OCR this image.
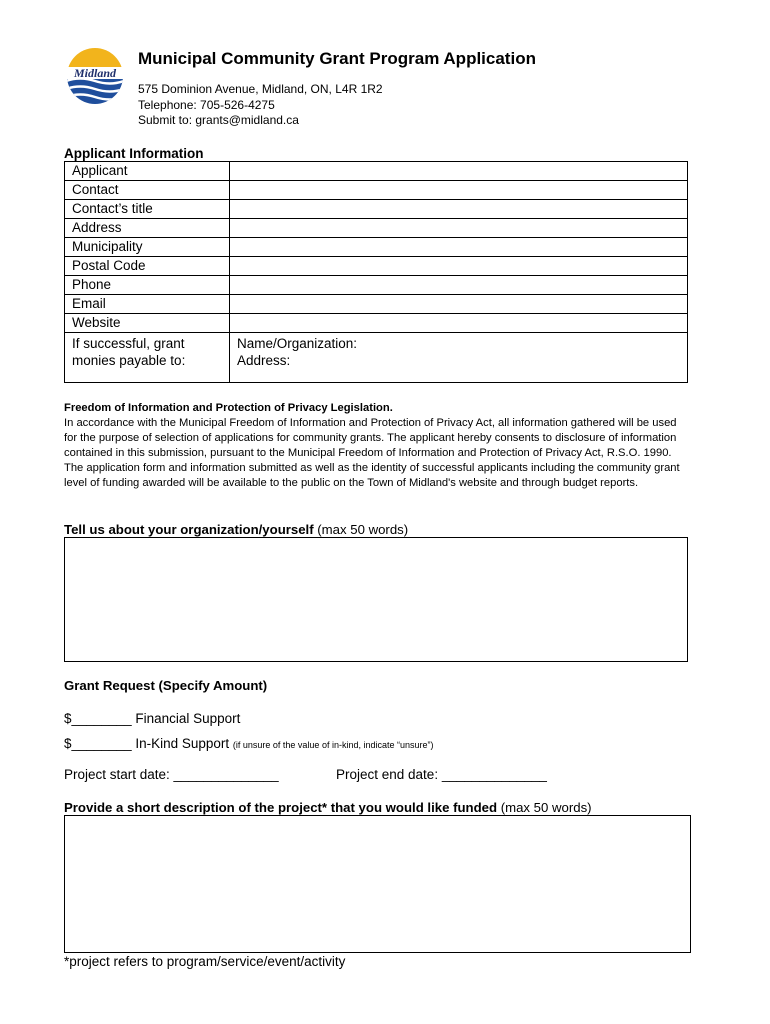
Midland
Municipal Community Grant Program Application
575 Dominion Avenue, Midland, ON, L4R 1R2
Telephone: 705-526-4275
Submit to: grants@midland.ca
Applicant Information
Applicant	
Contact	
Contact’s title	
Address	
Municipality	
Postal Code	
Phone	
Email	
Website	
If successful, grant
monies payable to:	Name/Organization:
Address:
Freedom of Information and Protection of Privacy Legislation.
In accordance with the Municipal Freedom of Information and Protection of Privacy Act, all information gathered will be used for the purpose of selection of applications for community grants. The applicant hereby consents to disclosure of information contained in this submission, pursuant to the Municipal Freedom of Information and Protection of Privacy Act, R.S.O. 1990. The application form and information submitted as well as the identity of successful applicants including the community grant level of funding awarded will be available to the public on the Town of Midland's website and through budget reports.
Tell us about your organization/yourself (max 50 words)
Grant Request (Specify Amount)
$________ Financial Support
$________ In-Kind Support (if unsure of the value of in-kind, indicate “unsure”)
Project start date: ______________	Project end date: ______________
Provide a short description of the project* that you would like funded (max 50 words)
*project refers to program/service/event/activity
